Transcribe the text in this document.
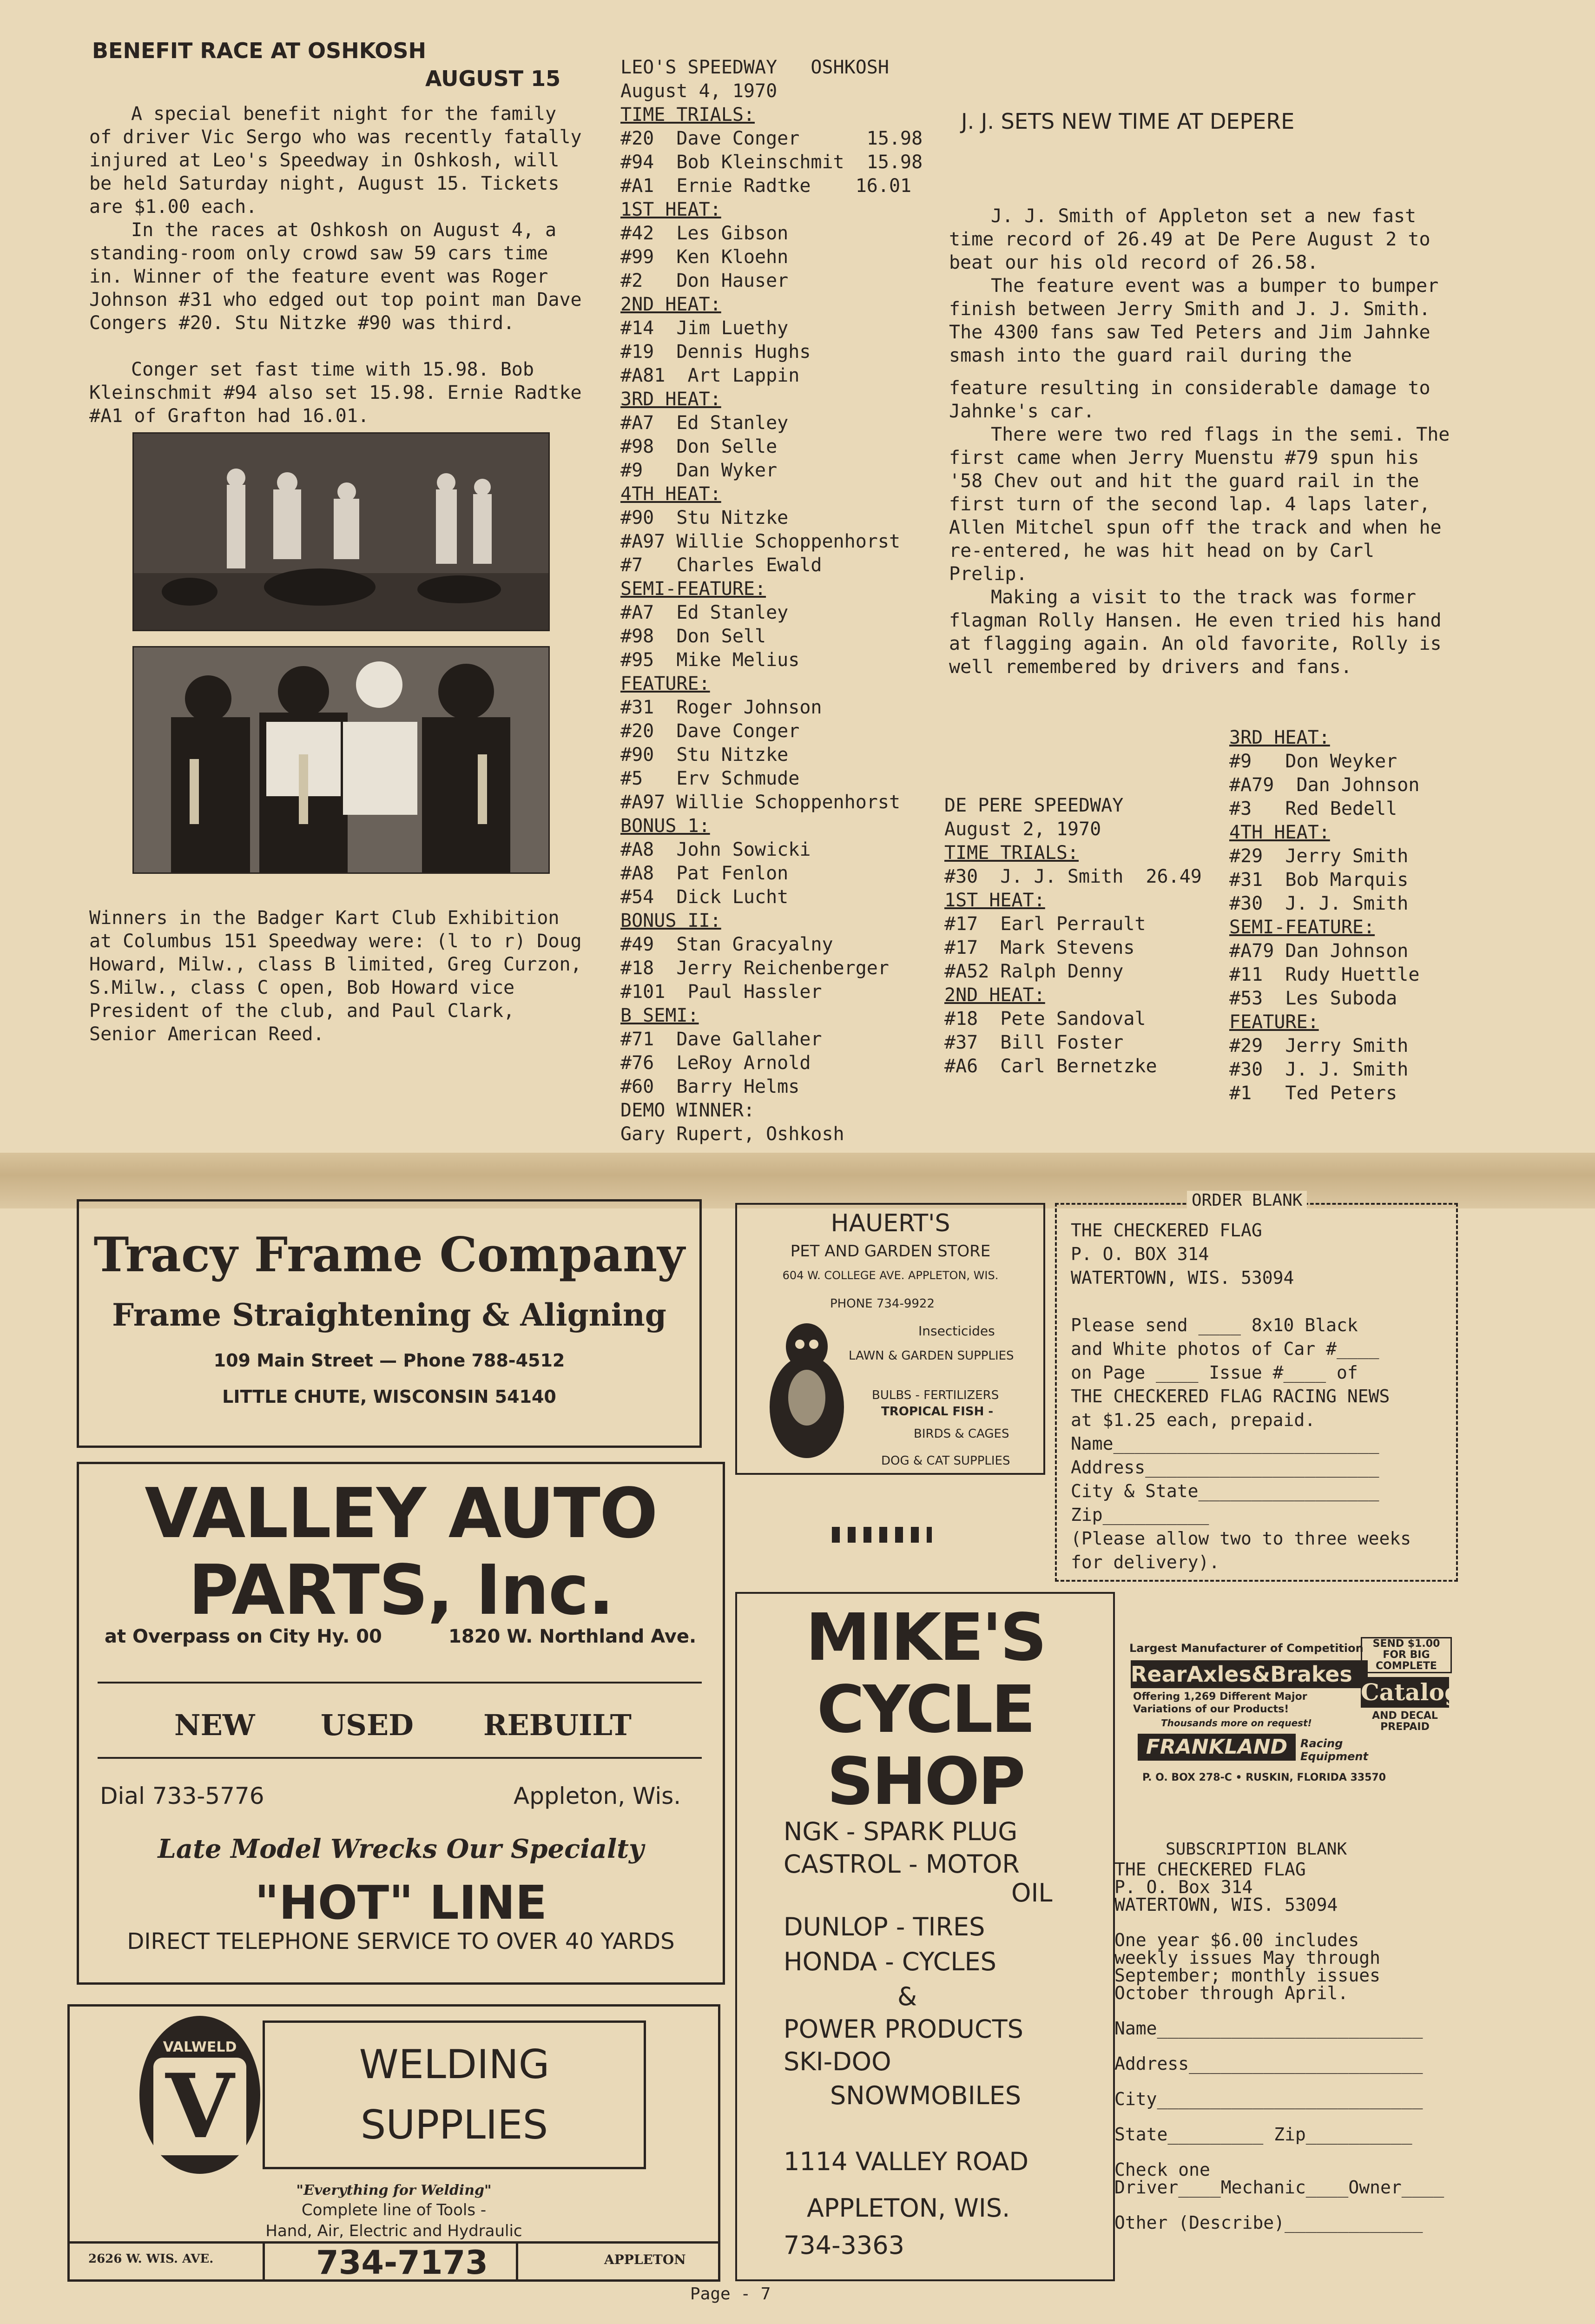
BENEFIT RACE AT OSHKOSH
AUGUST 15
A special benefit night for the family of driver Vic Sergo who was recently fatally injured at Leo's Speedway in Oshkosh, will be held Saturday night, August 15. Tickets are $1.00 each.
In the races at Oshkosh on August 4, a standing-room only crowd saw 59 cars time in. Winner of the feature event was Roger Johnson #31 who edged out top point man Dave Congers #20. Stu Nitzke #90 was third.
Conger set fast time with 15.98. Bob Kleinschmit #94 also set 15.98. Ernie Radtke #A1 of Grafton had 16.01.
Winners in the Badger Kart Club Exhibition at Columbus 151 Speedway were: (l to r) Doug Howard, Milw., class B limited, Greg Curzon, S.Milw., class C open, Bob Howard vice President of the club, and Paul Clark, Senior American Reed.
LEO'S SPEEDWAY   OSHKOSH
August 4, 1970
TIME TRIALS:
#20  Dave Conger      15.98
#94  Bob Kleinschmit  15.98
#A1  Ernie Radtke    16.01
1ST HEAT:
#42  Les Gibson
#99  Ken Kloehn
#2   Don Hauser
2ND HEAT:
#14  Jim Luethy
#19  Dennis Hughs
#A81  Art Lappin
3RD HEAT:
#A7  Ed Stanley
#98  Don Selle
#9   Dan Wyker
4TH HEAT:
#90  Stu Nitzke
#A97 Willie Schoppenhorst
#7   Charles Ewald
SEMI-FEATURE:
#A7  Ed Stanley
#98  Don Sell
#95  Mike Melius
FEATURE:
#31  Roger Johnson
#20  Dave Conger
#90  Stu Nitzke
#5   Erv Schmude
#A97 Willie Schoppenhorst
BONUS 1:
#A8  John Sowicki
#A8  Pat Fenlon
#54  Dick Lucht
BONUS II:
#49  Stan Gracyalny
#18  Jerry Reichenberger
#101  Paul Hassler
B SEMI:
#71  Dave Gallaher
#76  LeRoy Arnold
#60  Barry Helms
DEMO WINNER:
Gary Rupert, Oshkosh
J. J. SETS NEW TIME AT DEPERE
J. J. Smith of Appleton set a new fast time record of 26.49 at De Pere August 2 to beat our his old record of 26.58.
The feature event was a bumper to bumper finish between Jerry Smith and J. J. Smith. The 4300 fans saw Ted Peters and Jim Jahnke smash into the guard rail during the
feature resulting in considerable damage to Jahnke's car.
There were two red flags in the semi. The first came when Jerry Muenstu #79 spun his '58 Chev out and hit the guard rail in the first turn of the second lap. 4 laps later, Allen Mitchel spun off the track and when he re-entered, he was hit head on by Carl Prelip.
Making a visit to the track was former flagman Rolly Hansen. He even tried his hand at flagging again. An old favorite, Rolly is well remembered by drivers and fans.
DE PERE SPEEDWAY
August 2, 1970
TIME TRIALS:
#30  J. J. Smith  26.49
1ST HEAT:
#17  Earl Perrault
#17  Mark Stevens
#A52 Ralph Denny
2ND HEAT:
#18  Pete Sandoval
#37  Bill Foster
#A6  Carl Bernetzke
3RD HEAT:
#9   Don Weyker
#A79  Dan Johnson
#3   Red Bedell
4TH HEAT:
#29  Jerry Smith
#31  Bob Marquis
#30  J. J. Smith
SEMI-FEATURE:
#A79 Dan Johnson
#11  Rudy Huettle
#53  Les Suboda
FEATURE:
#29  Jerry Smith
#30  J. J. Smith
#1   Ted Peters
Tracy Frame Company
Frame Straightening & Aligning
109 Main Street — Phone 788-4512
LITTLE CHUTE, WISCONSIN 54140
VALLEY AUTO
PARTS, Inc.
at Overpass on City Hy. 00	1820 W. Northland Ave.
NEW USED REBUILT
Dial 733-5776	Appleton, Wis.
Late Model Wrecks Our Specialty
"HOT" LINE
DIRECT TELEPHONE SERVICE TO OVER 40 YARDS
VALWELD
V	WELDING
SUPPLIES
"Everything for Welding"
Complete line of Tools -
Hand, Air, Electric and Hydraulic
2626 W. WIS. AVE.	734-7173	APPLETON
HAUERT'S
PET AND GARDEN STORE
604 W. COLLEGE AVE. APPLETON, WIS.
PHONE 734-9922
Insecticides
LAWN & GARDEN SUPPLIES
BULBS - FERTILIZERS
TROPICAL FISH -
BIRDS & CAGES
DOG & CAT SUPPLIES
MIKE'S
CYCLE
SHOP
NGK - SPARK PLUG
CASTROL - MOTOR
OIL
DUNLOP - TIRES
HONDA - CYCLES
&
POWER PRODUCTS
SKI-DOO
SNOWMOBILES
1114 VALLEY ROAD
APPLETON, WIS.
734-3363
ORDER BLANK
THE CHECKERED FLAG
P. O. BOX 314
WATERTOWN, WIS. 53094

Please send ____ 8x10 Black
and White photos of Car #____
on Page ____ Issue #____ of
THE CHECKERED FLAG RACING NEWS
at $1.25 each, prepaid.
Name_________________________
Address______________________
City & State_________________
Zip__________
(Please allow two to three weeks
for delivery).
Largest Manufacturer of Competition
RearAxles&Brakes
Offering 1,269 Different Major Variations of our Products!
Thousands more on request!
SEND $1.00 FOR BIG COMPLETE
Catalog
AND DECAL PREPAID
FRANKLAND	Racing Equipment
P. O. BOX 278-C • RUSKIN, FLORIDA 33570
SUBSCRIPTION BLANK
THE CHECKERED FLAG
P. O. Box 314
WATERTOWN, WIS. 53094

One year $6.00 includes
weekly issues May through
September; monthly issues
October through April.

Name_________________________

Address______________________

City_________________________

State_________ Zip__________

Check one
Driver____Mechanic____Owner____

Other (Describe)_____________
Page - 7
